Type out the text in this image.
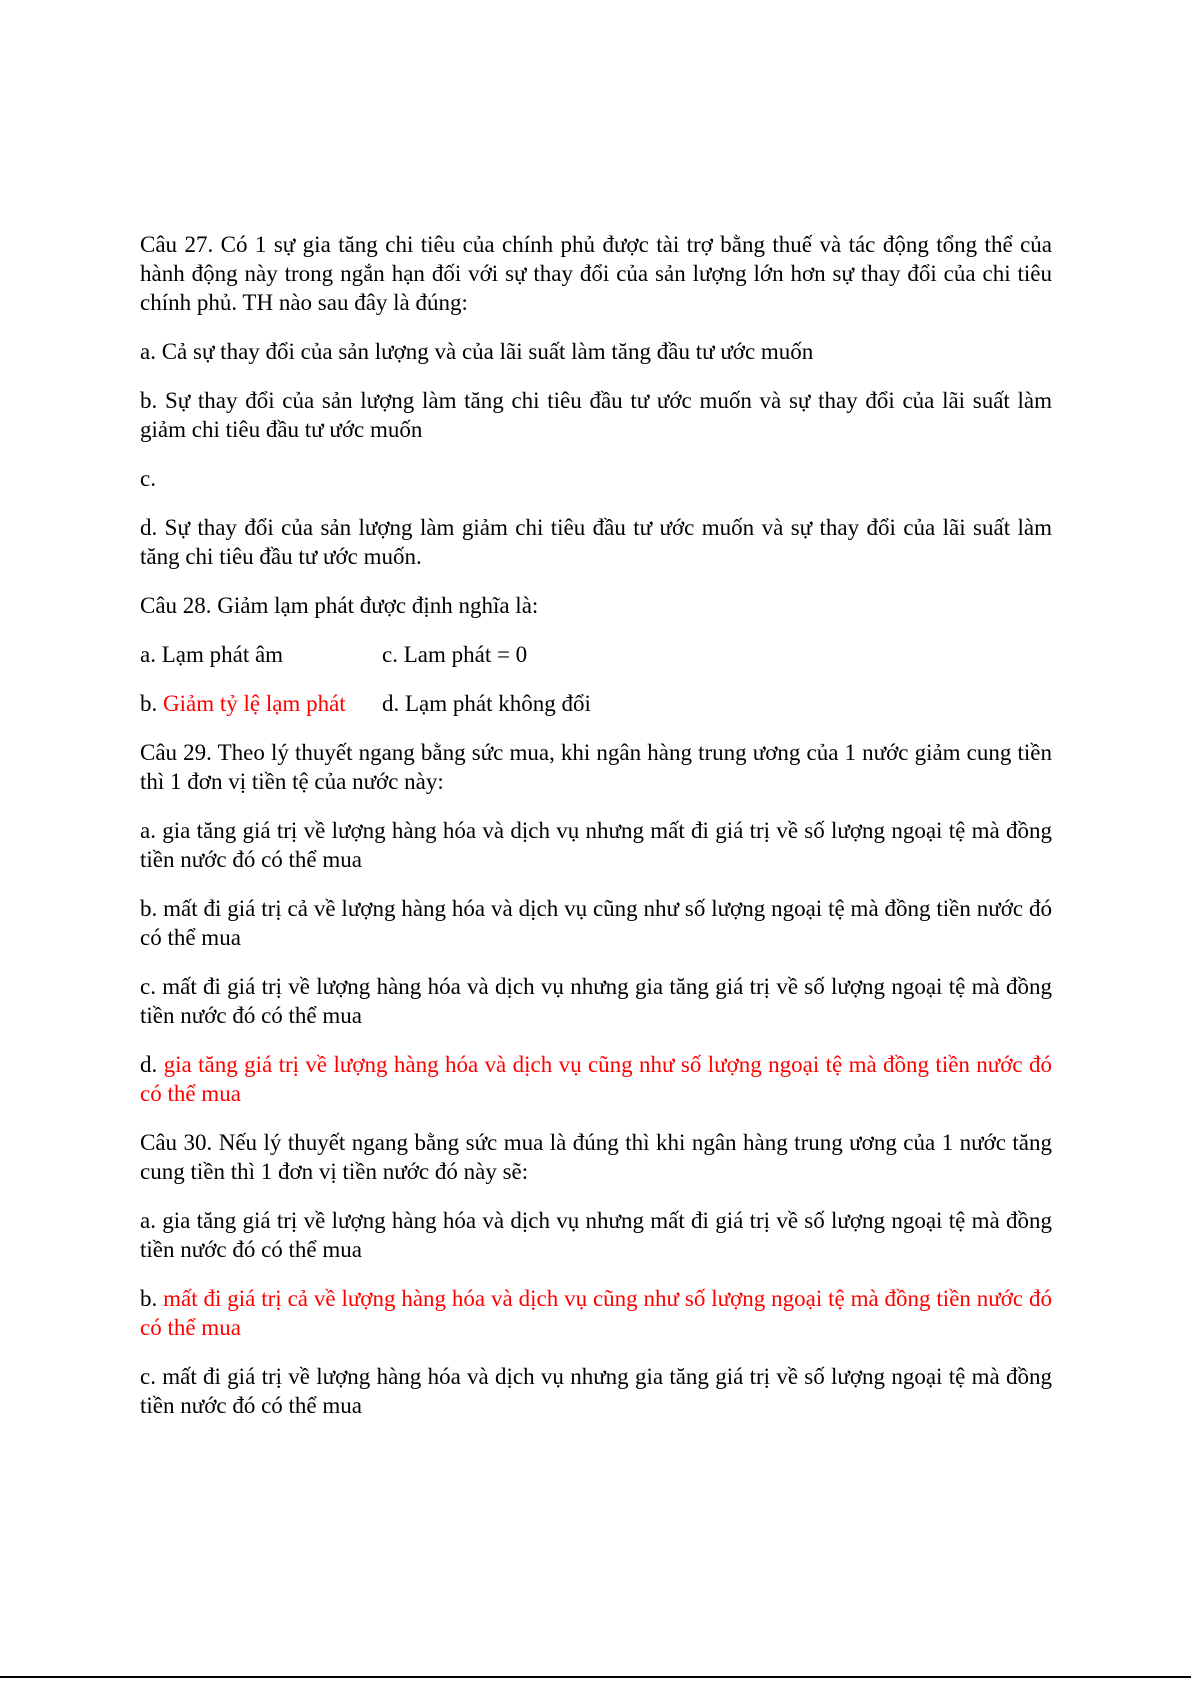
Câu 27. Có 1 sự gia tăng chi tiêu của chính phủ được tài trợ bằng thuế và tác động tổng thể của hành động này trong ngắn hạn đối với sự thay đổi của sản lượng lớn hơn sự thay đổi của chi tiêu chính phủ. TH nào sau đây là đúng:

a. Cả sự thay đổi của sản lượng và của lãi suất làm tăng đầu tư ước muốn

b. Sự thay đổi của sản lượng làm tăng chi tiêu đầu tư ước muốn và sự thay đổi của lãi suất làm giảm chi tiêu đầu tư ước muốn

c.

d. Sự thay đổi của sản lượng làm giảm chi tiêu đầu tư ước muốn và sự thay đổi của lãi suất làm tăng chi tiêu đầu tư ước muốn.

Câu 28. Giảm lạm phát được định nghĩa là:

a. Lạm phát âm	c. Lam phát = 0
b. Giảm tỷ lệ lạm phát	d. Lạm phát không đổi

Câu 29. Theo lý thuyết ngang bằng sức mua, khi ngân hàng trung ương của 1 nước giảm cung tiền thì 1 đơn vị tiền tệ của nước này:

a. gia tăng giá trị về lượng hàng hóa và dịch vụ nhưng mất đi giá trị về số lượng ngoại tệ mà đồng tiền nước đó có thể mua

b. mất đi giá trị cả về lượng hàng hóa và dịch vụ cũng như số lượng ngoại tệ mà đồng tiền nước đó có thể mua

c. mất đi giá trị về lượng hàng hóa và dịch vụ nhưng gia tăng giá trị về số lượng ngoại tệ mà đồng tiền nước đó có thể mua

d. gia tăng giá trị về lượng hàng hóa và dịch vụ cũng như số lượng ngoại tệ mà đồng tiền nước đó có thể mua

Câu 30. Nếu lý thuyết ngang bằng sức mua là đúng thì khi ngân hàng trung ương của 1 nước tăng cung tiền thì 1 đơn vị tiền nước đó này sẽ:

a. gia tăng giá trị về lượng hàng hóa và dịch vụ nhưng mất đi giá trị về số lượng ngoại tệ mà đồng tiền nước đó có thể mua

b. mất đi giá trị cả về lượng hàng hóa và dịch vụ cũng như số lượng ngoại tệ mà đồng tiền nước đó có thể mua

c. mất đi giá trị về lượng hàng hóa và dịch vụ nhưng gia tăng giá trị về số lượng ngoại tệ mà đồng tiền nước đó có thể mua
